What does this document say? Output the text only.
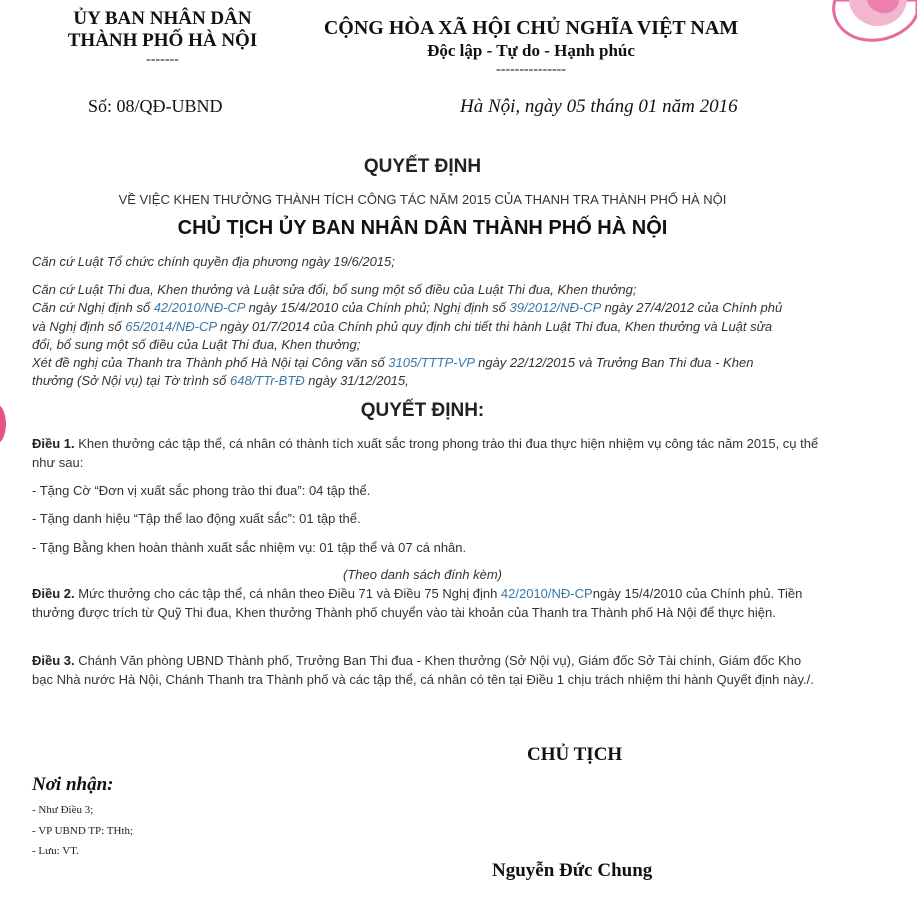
ỦY BAN NHÂN DÂN
THÀNH PHỐ HÀ NỘI
-------
CỘNG HÒA XÃ HỘI CHỦ NGHĨA VIỆT NAM
Độc lập - Tự do - Hạnh phúc
---------------
Số: 08/QĐ-UBND	Hà Nội, ngày 05 tháng 01 năm 2016
QUYẾT ĐỊNH
VỀ VIỆC KHEN THƯỞNG THÀNH TÍCH CÔNG TÁC NĂM 2015 CỦA THANH TRA THÀNH PHỐ HÀ NỘI
CHỦ TỊCH ỦY BAN NHÂN DÂN THÀNH PHỐ HÀ NỘI
Căn cứ Luật Tổ chức chính quyền địa phương ngày 19/6/2015;
Căn cứ Luật Thi đua, Khen thưởng và Luật sửa đổi, bổ sung một số điều của Luật Thi đua, Khen thưởng;
Căn cứ Nghị định số 42/2010/NĐ-CP ngày 15/4/2010 của Chính phủ; Nghị định số 39/2012/NĐ-CP ngày 27/4/2012 của Chính phủ và Nghị định số 65/2014/NĐ-CP ngày 01/7/2014 của Chính phủ quy định chi tiết thi hành Luật Thi đua, Khen thưởng và Luật sửa đổi, bổ sung một số điều của Luật Thi đua, Khen thưởng;
Xét đề nghị của Thanh tra Thành phố Hà Nội tại Công văn số 3105/TTTP-VP ngày 22/12/2015 và Trưởng Ban Thi đua - Khen thưởng (Sở Nội vụ) tại Tờ trình số 648/TTr-BTĐ ngày 31/12/2015,
QUYẾT ĐỊNH:
Điều 1. Khen thưởng các tập thể, cá nhân có thành tích xuất sắc trong phong trào thi đua thực hiện nhiệm vụ công tác năm 2015, cụ thể như sau:
- Tặng Cờ “Đơn vị xuất sắc phong trào thi đua”: 04 tập thể.
- Tặng danh hiệu “Tập thể lao động xuất sắc”: 01 tập thể.
- Tặng Bằng khen hoàn thành xuất sắc nhiệm vụ: 01 tập thể và 07 cá nhân.
(Theo danh sách đính kèm)
Điều 2. Mức thưởng cho các tập thể, cá nhân theo Điều 71 và Điều 75 Nghị định 42/2010/NĐ-CPngày 15/4/2010 của Chính phủ. Tiền thưởng được trích từ Quỹ Thi đua, Khen thưởng Thành phố chuyển vào tài khoản của Thanh tra Thành phố Hà Nội để thực hiện.
Điều 3. Chánh Văn phòng UBND Thành phố, Trưởng Ban Thi đua - Khen thưởng (Sở Nội vụ), Giám đốc Sở Tài chính, Giám đốc Kho bạc Nhà nước Hà Nội, Chánh Thanh tra Thành phố và các tập thể, cá nhân có tên tại Điều 1 chịu trách nhiệm thi hành Quyết định này./.
CHỦ TỊCH
Nơi nhận:
- Như Điều 3;
- VP UBND TP: THth;
- Lưu: VT.
Nguyễn Đức Chung
